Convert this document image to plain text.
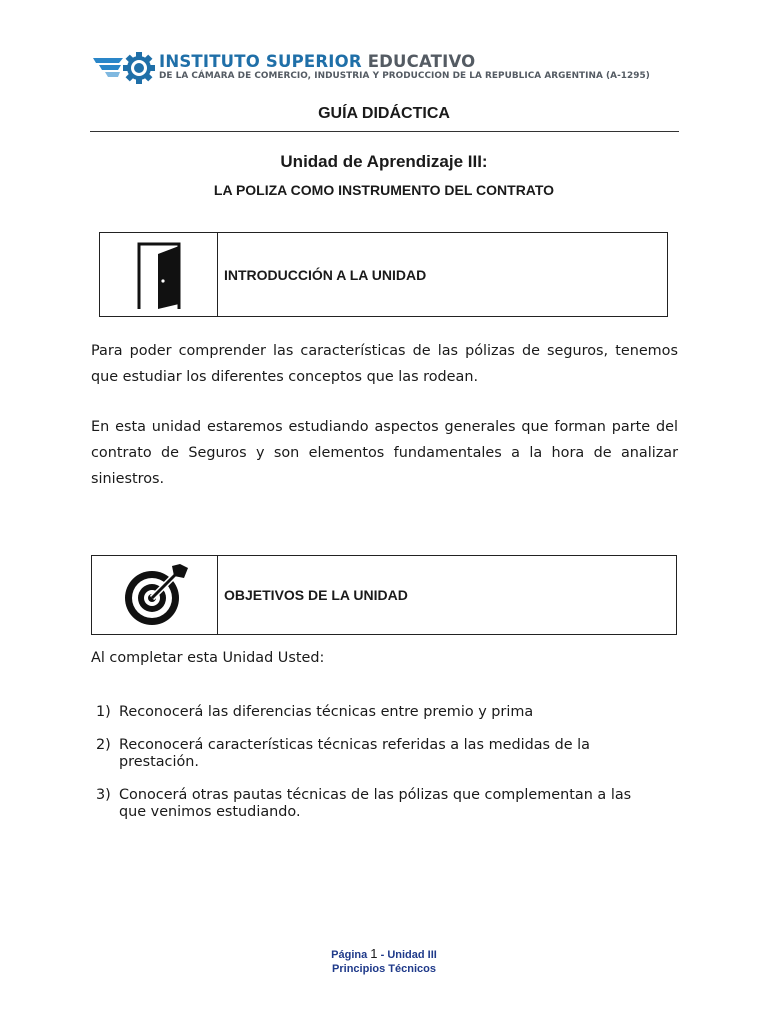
INSTITUTO SUPERIOR EDUCATIVO
DE LA CÁMARA DE COMERCIO, INDUSTRIA Y PRODUCCION DE LA REPUBLICA ARGENTINA (A-1295)
GUÍA DIDÁCTICA
Unidad de Aprendizaje III:
LA POLIZA COMO INSTRUMENTO DEL CONTRATO
INTRODUCCIÓN A LA UNIDAD

Para poder comprender las características de las pólizas de seguros, tenemos que estudiar los diferentes conceptos que las rodean.

En esta unidad estaremos estudiando aspectos generales que forman parte del contrato de Seguros y son elementos fundamentales a la hora de analizar siniestros.

OBJETIVOS DE LA UNIDAD
Al completar esta Unidad Usted:
1) Reconocerá las diferencias técnicas entre premio y prima
2) Reconocerá características técnicas referidas a las medidas de la prestación.
3) Conocerá otras pautas técnicas de las pólizas que complementan a las que venimos estudiando.
Página 1 - Unidad III
Principios Técnicos
